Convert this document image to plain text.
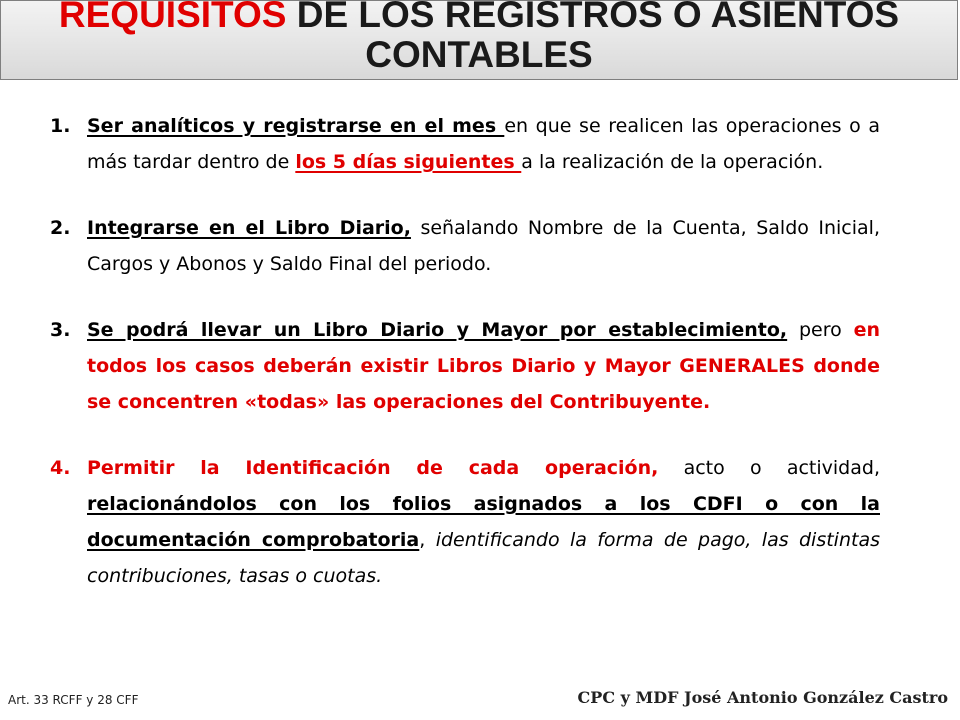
REQUISITOS DE LOS REGISTROS O ASIENTOS
CONTABLES
1. Ser analíticos y registrarse en el mes en que se realicen las operaciones o a más tardar dentro de los 5 días siguientes a la realización de la operación.
2. Integrarse en el Libro Diario, señalando Nombre de la Cuenta, Saldo Inicial, Cargos y Abonos y Saldo Final del periodo.
3. Se podrá llevar un Libro Diario y Mayor por establecimiento, pero en todos los casos deberán existir Libros Diario y Mayor GENERALES donde se concentren «todas» las operaciones del Contribuyente.
4. Permitir la Identificación de cada operación, acto o actividad, relacionándolos con los folios asignados a los CDFI o con la documentación comprobatoria, identificando la forma de pago, las distintas contribuciones, tasas o cuotas.
Art. 33 RCFF y 28 CFF	CPC y MDF José Antonio González Castro
